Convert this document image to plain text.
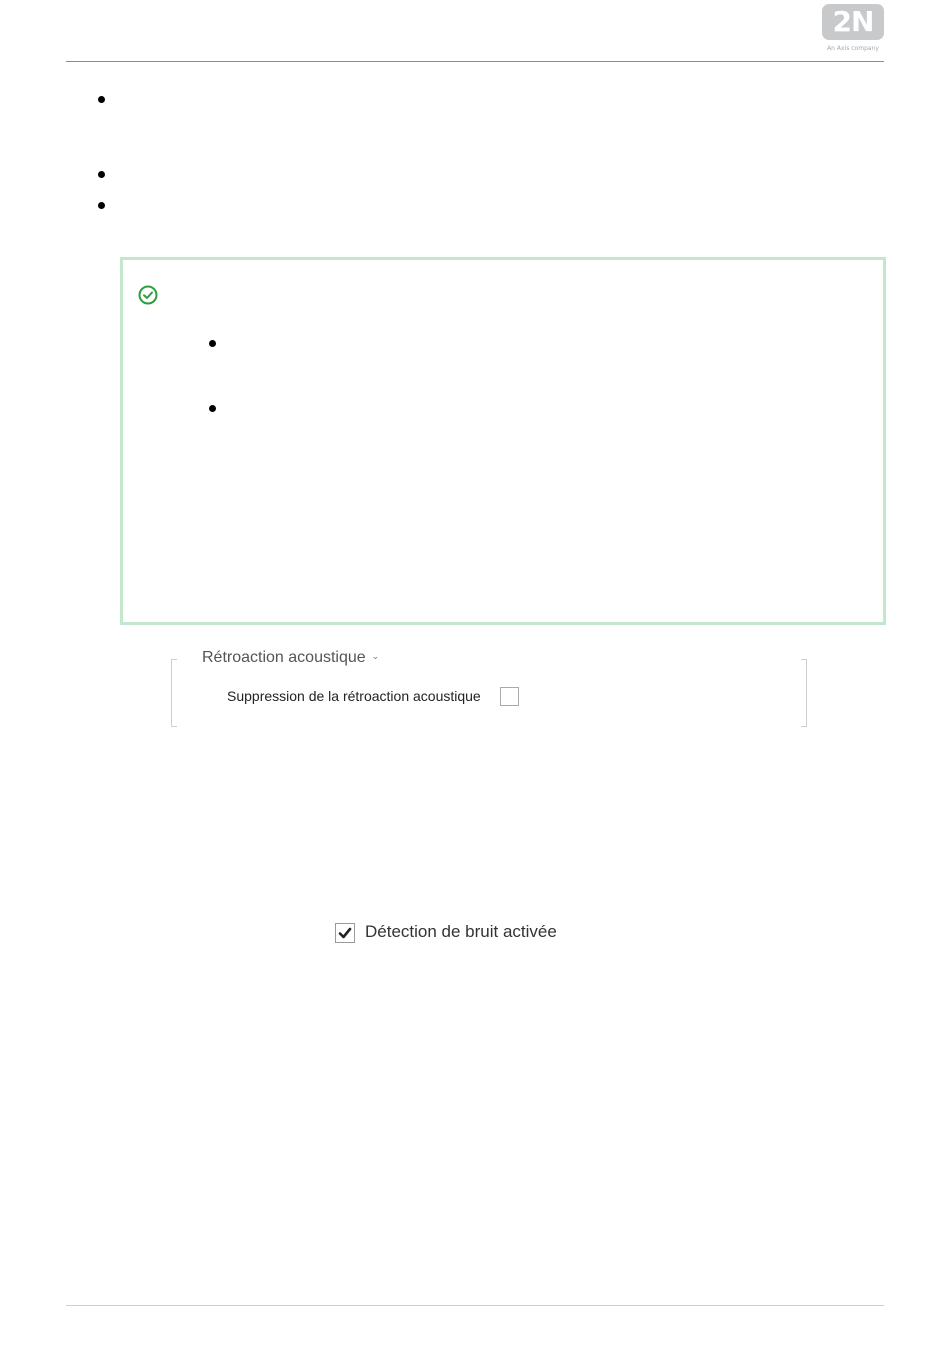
2N
An Axis company
Rétroaction acoustique ⌄
Suppression de la rétroaction acoustique
Détection de bruit activée
